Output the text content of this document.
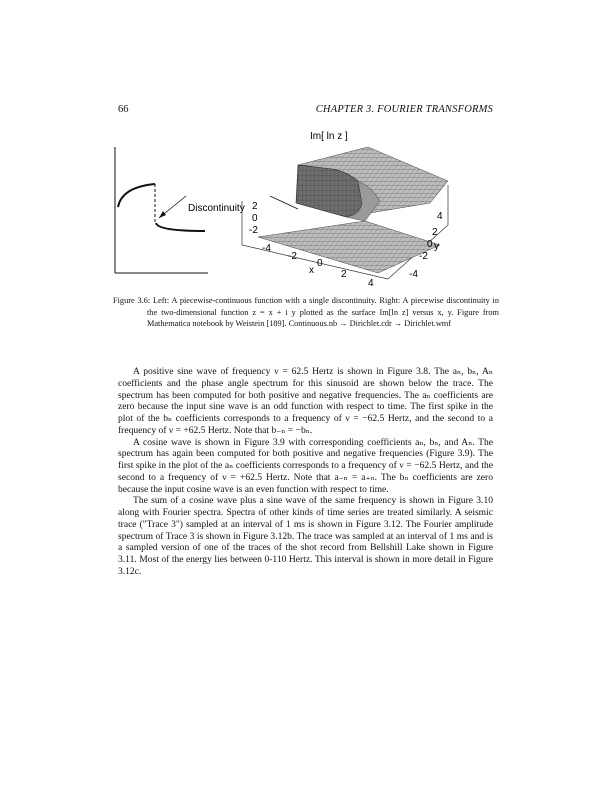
66	CHAPTER 3. FOURIER TRANSFORMS
Discontinuity
Im[ ln z ]
2
0
-2
-4
-2
0
2
4
x
4
2
0
-2
-4
y
Figure 3.6: Left: A piecewise-continuous function with a single discontinuity. Right: A piecewise discontinuity in the two-dimensional function z = x + i y plotted as the surface Im[ln z] versus x, y. Figure from Mathematica notebook by Weistein [189]. Continuous.nb → Dirichlet.cdr → Dirichlet.wmf

A positive sine wave of frequency ν = 62.5 Hertz is shown in Figure 3.8. The aₙ, bₙ, Aₙ coefficients and the phase angle spectrum for this sinusoid are shown below the trace. The spectrum has been computed for both positive and negative frequencies. The aₙ coefficients are zero because the input sine wave is an odd function with respect to time. The first spike in the plot of the bₙ coefficients corresponds to a frequency of ν = −62.5 Hertz, and the second to a frequency of ν = +62.5 Hertz. Note that b₋ₙ = −bₙ.

A cosine wave is shown in Figure 3.9 with corresponding coefficients aₙ, bₙ, and Aₙ. The spectrum has again been computed for both positive and negative frequencies (Figure 3.9). The first spike in the plot of the aₙ coefficients corresponds to a frequency of ν = −62.5 Hertz, and the second to a frequency of ν = +62.5 Hertz. Note that a₋ₙ = a₊ₙ. The bₙ coefficients are zero because the input cosine wave is an even function with respect to time.

The sum of a cosine wave plus a sine wave of the same frequency is shown in Figure 3.10 along with Fourier spectra. Spectra of other kinds of time series are treated similarly. A seismic trace ("Trace 3") sampled at an interval of 1 ms is shown in Figure 3.12. The Fourier amplitude spectrum of Trace 3 is shown in Figure 3.12b. The trace was sampled at an interval of 1 ms and is a sampled version of one of the traces of the shot record from Bellshill Lake shown in Figure 3.11. Most of the energy lies between 0-110 Hertz. This interval is shown in more detail in Figure 3.12c.
